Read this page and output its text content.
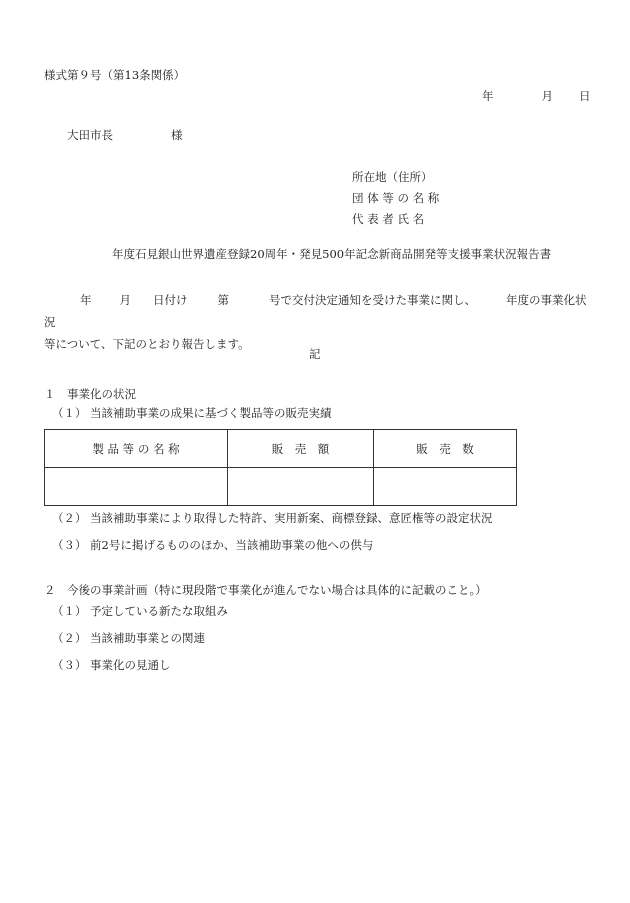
様式第９号（第13条関係）
年	月 日
大田市長	様
所在地（住所）
団 体 等 の 名 称
代 表 者 氏 名
年度石見銀山世界遺産登録20周年・発見500年記念新商品開発等支援事業状況報告書
年 月 日付け	第	号で交付決定通知を受けた事業に関し、	年度の事業化状況
等について、下記のとおり報告します。
記
１　事業化の状況
（１） 当該補助事業の成果に基づく製品等の販売実績
製 品 等 の 名 称	販　売　額	販　売　数

（２） 当該補助事業により取得した特許、実用新案、商標登録、意匠権等の設定状況
（３） 前2号に掲げるもののほか、当該補助事業の他への供与
２　今後の事業計画（特に現段階で事業化が進んでない場合は具体的に記載のこと。）
（１） 予定している新たな取組み
（２） 当該補助事業との関連
（３） 事業化の見通し
